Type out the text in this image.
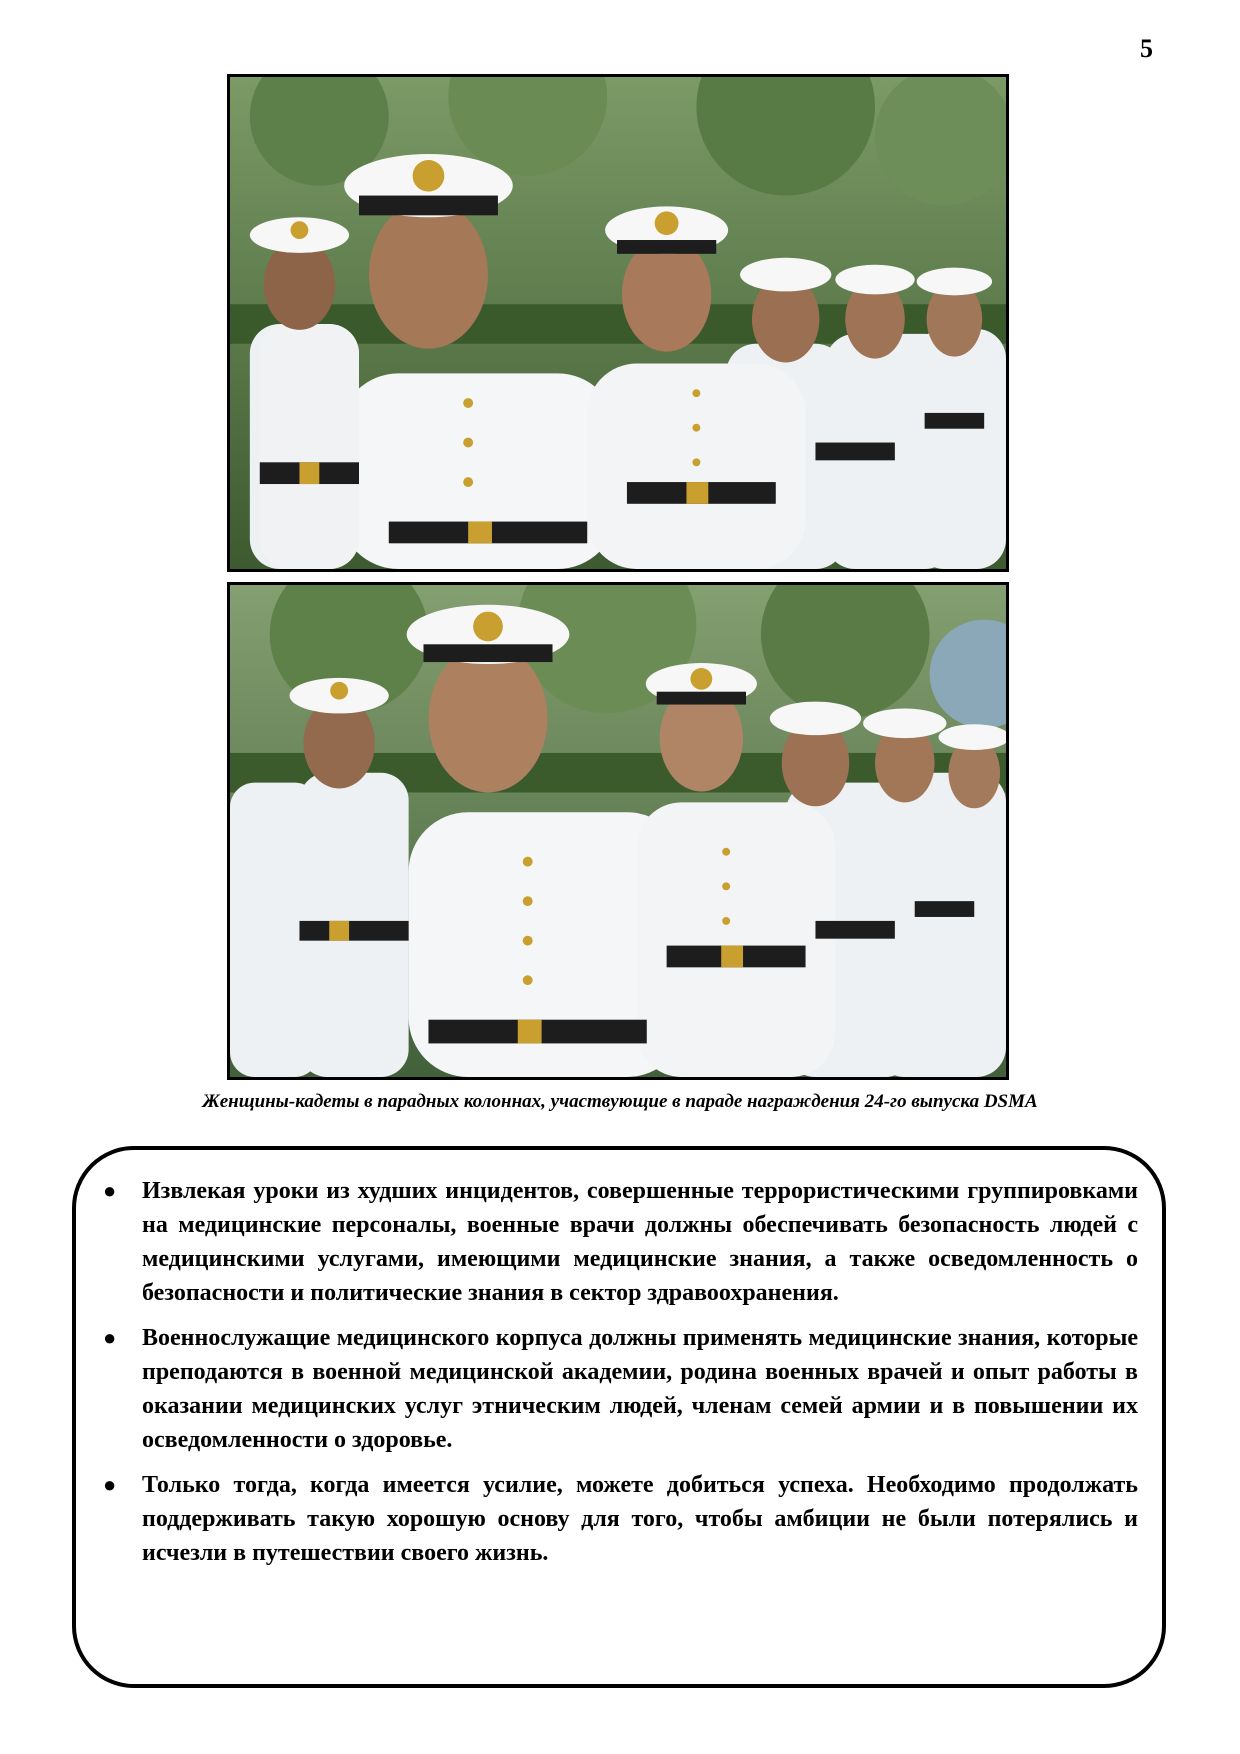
5
Женщины-кадеты в парадных колоннах, участвующие в параде награждения 24-го выпуска DSMA
● Извлекая уроки из худших инцидентов, совершенные террористическими группировками на медицинские персоналы, военные врачи должны обеспечивать безопасность людей с медицинскими услугами, имеющими медицинские знания, а также осведомленность о безопасности и политические знания в сектор здравоохранения.
● Военнослужащие медицинского корпуса должны применять медицинские знания, которые преподаются в военной медицинской академии, родина военных врачей и опыт работы в оказании медицинских услуг этническим людей, членам семей армии и в повышении их осведомленности о здоровье.
● Только тогда, когда имеется усилие, можете добиться успеха. Необходимо продолжать поддерживать такую хорошую основу для того, чтобы амбиции не были потерялись и исчезли в путешествии своего жизнь.
